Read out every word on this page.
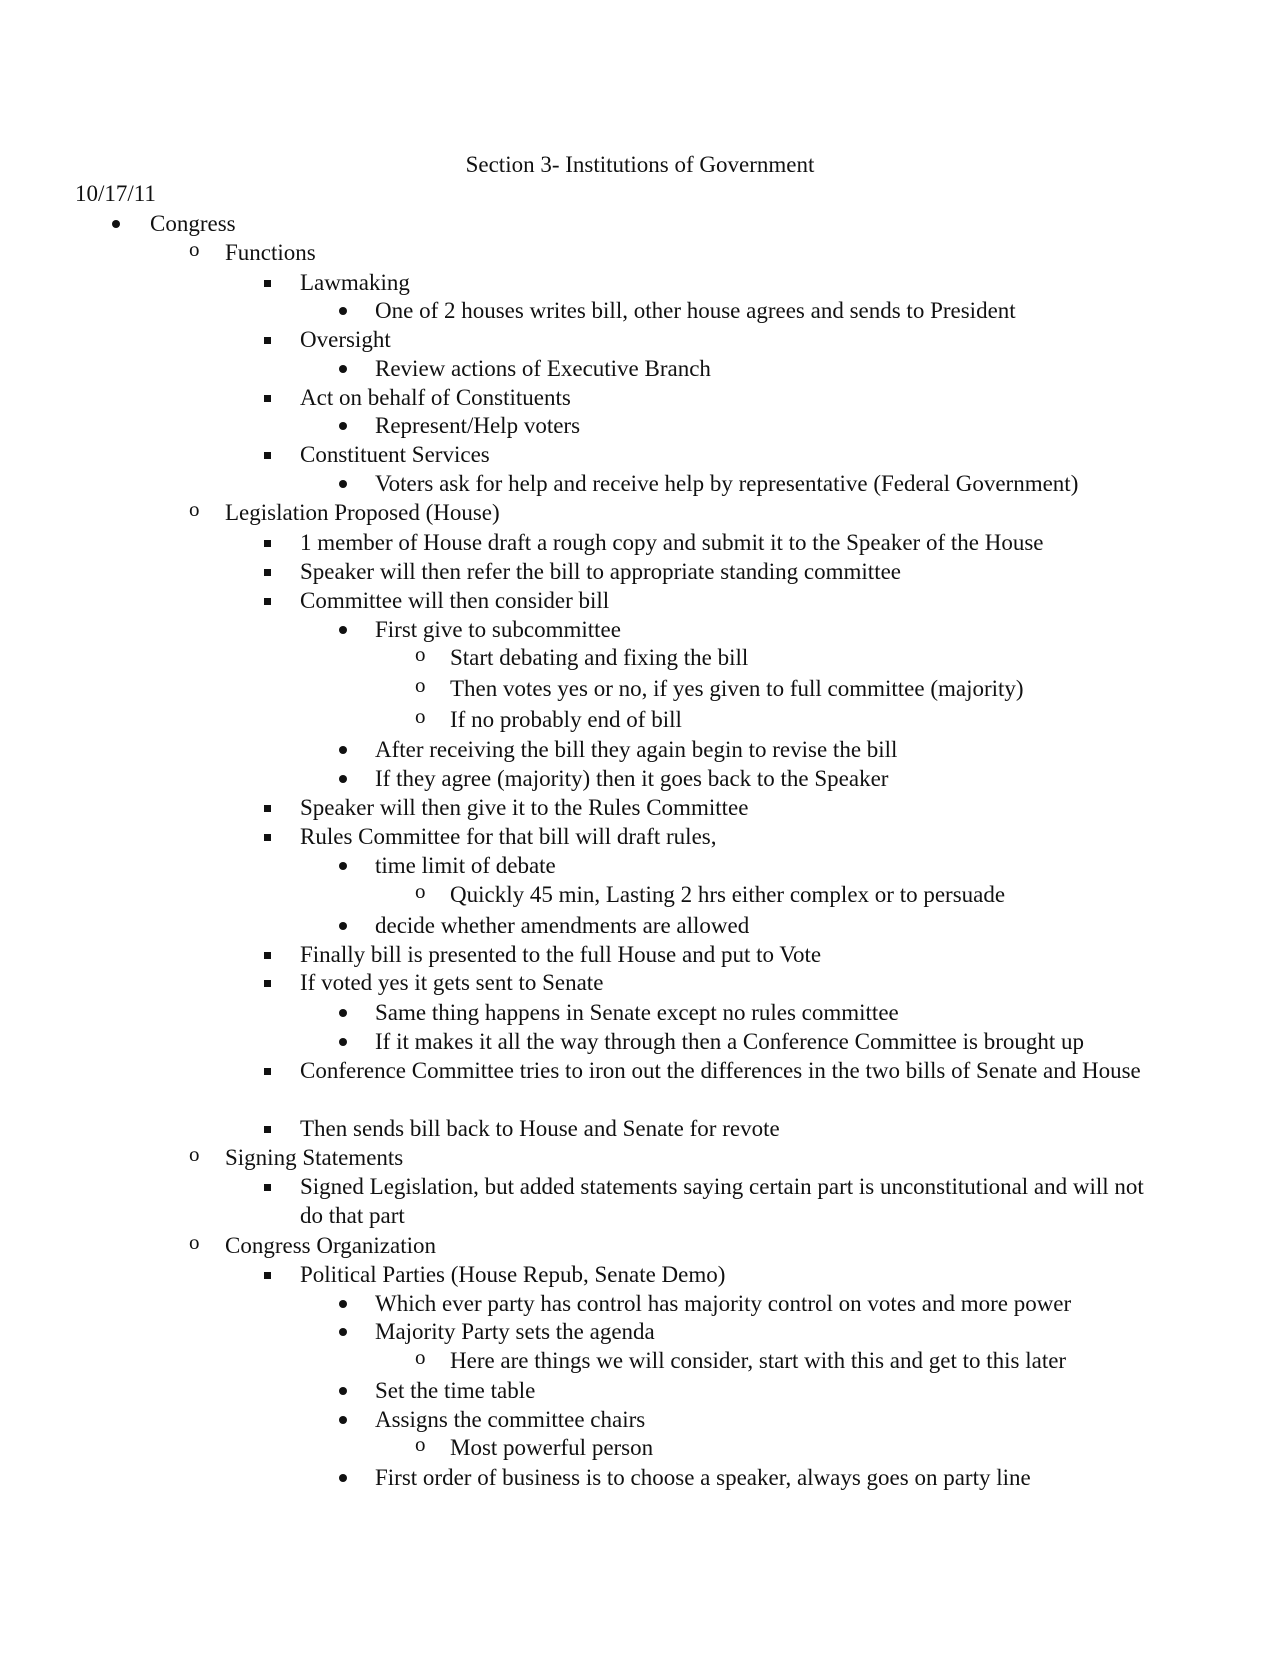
Section 3- Institutions of Government
10/17/11
Congress
o Functions
Lawmaking
One of 2 houses writes bill, other house agrees and sends to President
Oversight
Review actions of Executive Branch
Act on behalf of Constituents
Represent/Help voters
Constituent Services
Voters ask for help and receive help by representative (Federal Government)
o Legislation Proposed (House)
1 member of House draft a rough copy and submit it to the Speaker of the House
Speaker will then refer the bill to appropriate standing committee
Committee will then consider bill
First give to subcommittee
o Start debating and fixing the bill
o Then votes yes or no, if yes given to full committee (majority)
o If no probably end of bill
After receiving the bill they again begin to revise the bill
If they agree (majority) then it goes back to the Speaker
Speaker will then give it to the Rules Committee
Rules Committee for that bill will draft rules,
time limit of debate
o Quickly 45 min, Lasting 2 hrs either complex or to persuade
decide whether amendments are allowed
Finally bill is presented to the full House and put to Vote
If voted yes it gets sent to Senate
Same thing happens in Senate except no rules committee
If it makes it all the way through then a Conference Committee is brought up
Conference Committee tries to iron out the differences in the two bills of Senate and House
Then sends bill back to House and Senate for revote
o Signing Statements
Signed Legislation, but added statements saying certain part is unconstitutional and will not do that part
o Congress Organization
Political Parties (House Repub, Senate Demo)
Which ever party has control has majority control on votes and more power
Majority Party sets the agenda
o Here are things we will consider, start with this and get to this later
Set the time table
Assigns the committee chairs
o Most powerful person
First order of business is to choose a speaker, always goes on party line
